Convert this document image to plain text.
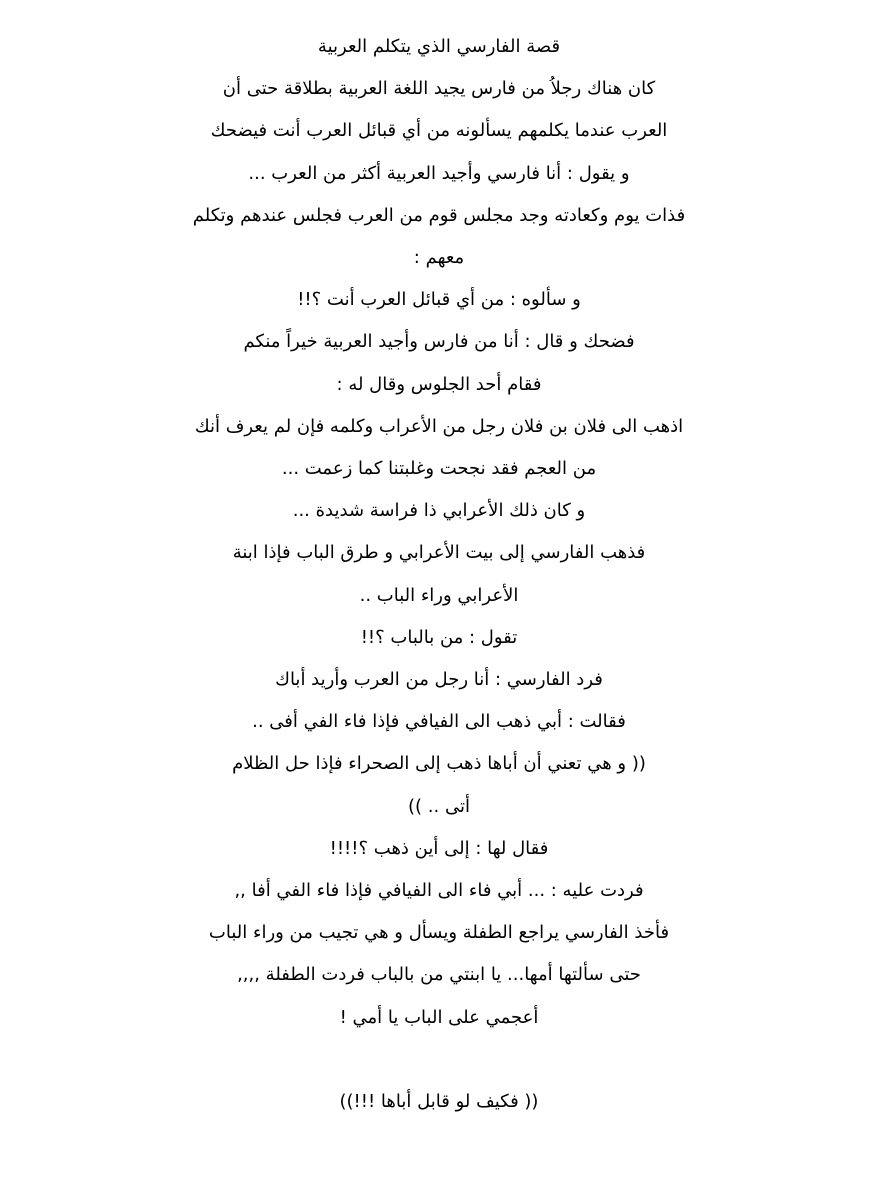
قصة الفارسي الذي يتكلم العربية

كان هناك رجلاُ من فارس يجيد اللغة العربية بطلاقة حتى أن

العرب عندما يكلمهم يسألونه من أي قبائل العرب أنت فيضحك

و يقول : أنا فارسي وأجيد العربية أكثر من العرب ...

فذات يوم وكعادته وجد مجلس قوم من العرب فجلس عندهم وتكلم

معهم :

و سألوه : من أي قبائل العرب أنت ؟!!

فضحك و قال : أنا من فارس وأجيد العربية خيراً منكم

فقام أحد الجلوس وقال له :

اذهب الى فلان بن فلان رجل من الأعراب وكلمه فإن لم يعرف أنك

من العجم فقد نجحت وغلبتنا كما زعمت ...

و كان ذلك الأعرابي ذا فراسة شديدة ...

فذهب الفارسي إلى بيت الأعرابي و طرق الباب فإذا ابنة

الأعرابي وراء الباب ..

تقول : من بالباب ؟!!

فرد الفارسي : أنا رجل من العرب وأريد أباك

فقالت : أبي ذهب الى الفيافي فإذا فاء الفي أفى ..

(( و هي تعني أن أباها ذهب إلى الصحراء فإذا حل الظلام

أتى .. ))

فقال لها : إلى أين ذهب ؟!!!!

فردت عليه : ... أبي فاء الى الفيافي فإذا فاء الفي أفا ,,

فأخذ الفارسي يراجع الطفلة ويسأل و هي تجيب من وراء الباب

حتى سألتها أمها... يا ابنتي من بالباب فردت الطفلة ,,,,

أعجمي على الباب يا أمي !

(( فكيف لو قابل أباها !!!))
